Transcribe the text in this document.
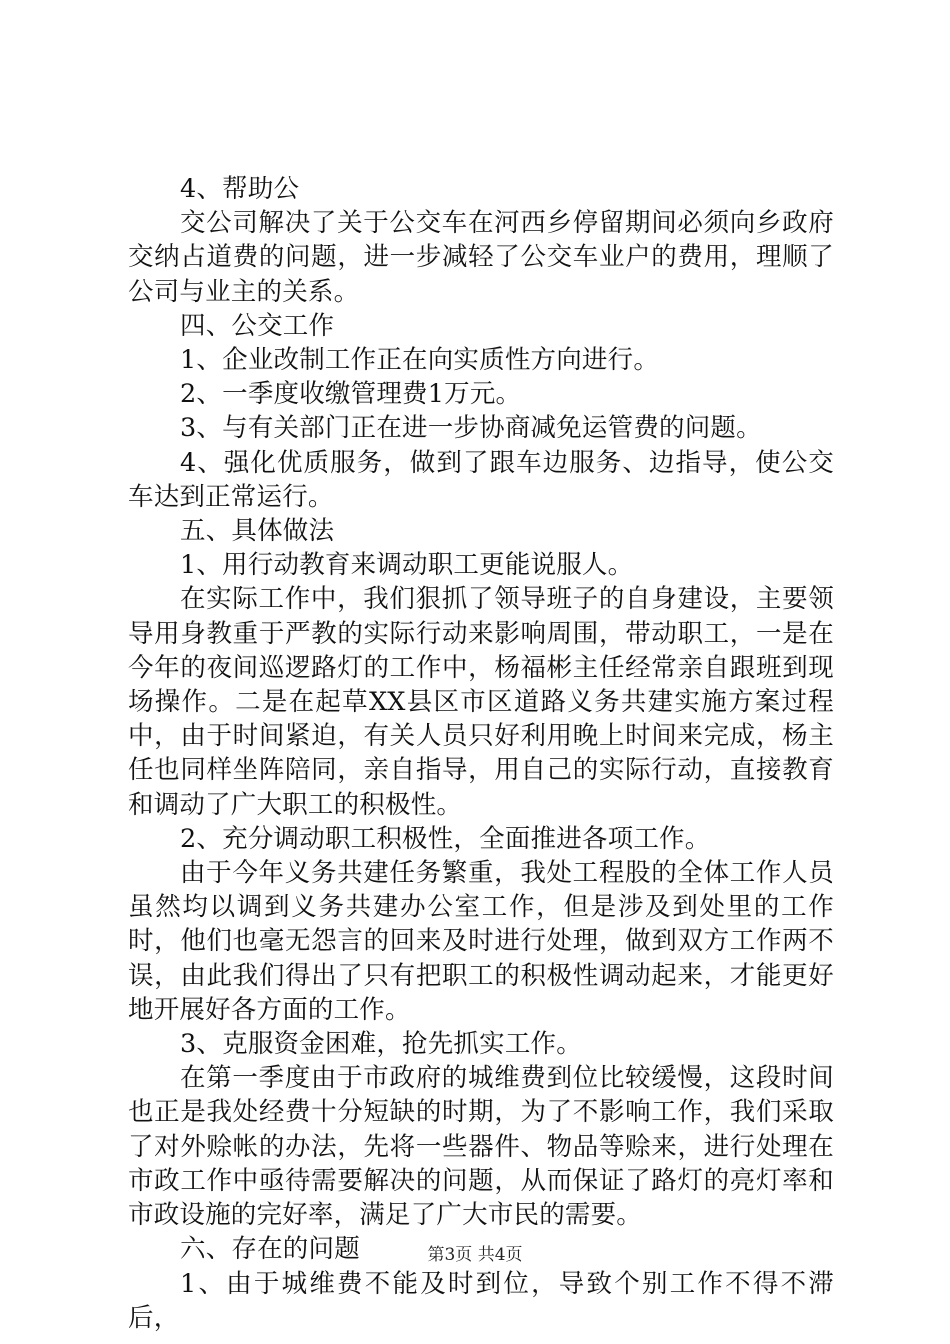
4、帮助公

交公司解决了关于公交车在河西乡停留期间必须向乡政府交纳占道费的问题，进一步减轻了公交车业户的费用，理顺了公司与业主的关系。

四、公交工作

1、企业改制工作正在向实质性方向进行。

2、一季度收缴管理费1万元。

3、与有关部门正在进一步协商减免运管费的问题。

4、强化优质服务，做到了跟车边服务、边指导，使公交车达到正常运行。

五、具体做法

1、用行动教育来调动职工更能说服人。

在实际工作中，我们狠抓了领导班子的自身建设，主要领导用身教重于严教的实际行动来影响周围，带动职工，一是在今年的夜间巡逻路灯的工作中，杨福彬主任经常亲自跟班到现场操作。二是在起草XX县区市区道路义务共建实施方案过程中，由于时间紧迫，有关人员只好利用晚上时间来完成，杨主任也同样坐阵陪同，亲自指导，用自己的实际行动，直接教育和调动了广大职工的积极性。

2、充分调动职工积极性，全面推进各项工作。

由于今年义务共建任务繁重，我处工程股的全体工作人员虽然均以调到义务共建办公室工作，但是涉及到处里的工作时，他们也毫无怨言的回来及时进行处理，做到双方工作两不误，由此我们得出了只有把职工的积极性调动起来，才能更好地开展好各方面的工作。

3、克服资金困难，抢先抓实工作。

在第一季度由于市政府的城维费到位比较缓慢，这段时间也正是我处经费十分短缺的时期，为了不影响工作，我们采取了对外赊帐的办法，先将一些器件、物品等赊来，进行处理在市政工作中亟待需要解决的问题，从而保证了路灯的亮灯率和市政设施的完好率，满足了广大市民的需要。

六、存在的问题

1、由于城维费不能及时到位，导致个别工作不得不滞后，

第3页 共4页
